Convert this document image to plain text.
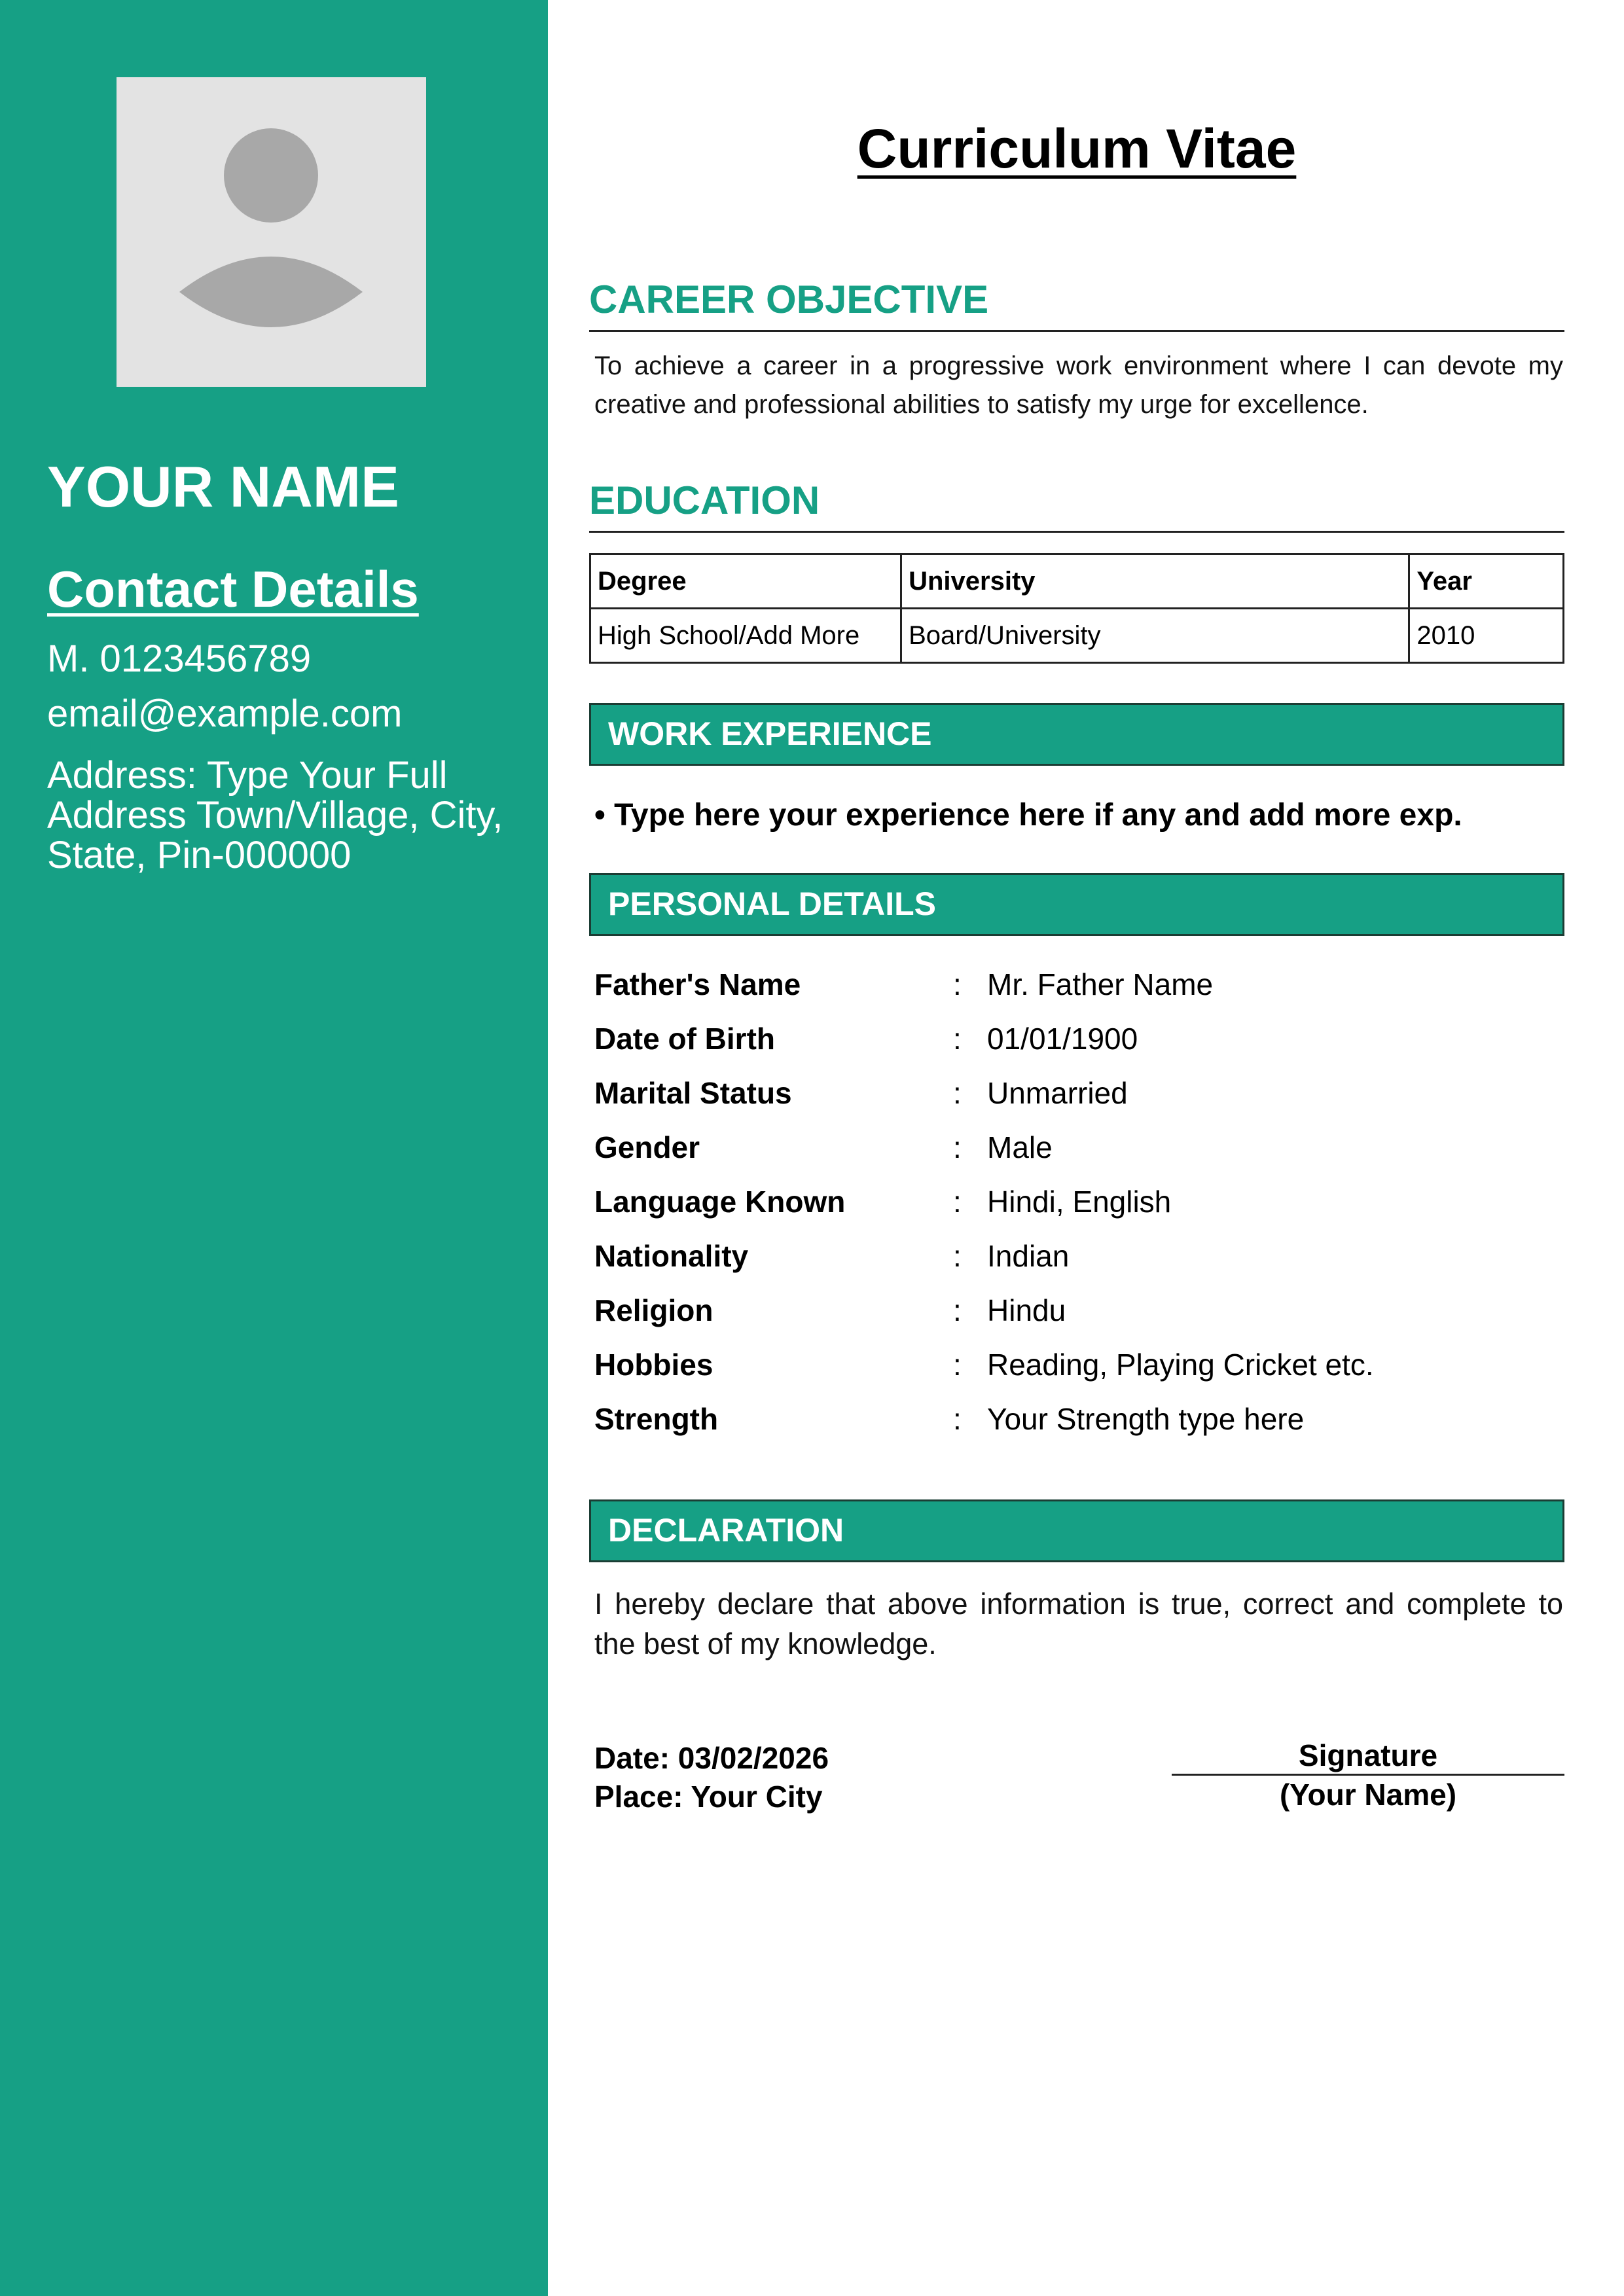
YOUR NAME
Contact Details
M. 0123456789
email@example.com
Address: Type Your Full Address Town/Village, City, State, Pin-000000
Curriculum Vitae
CAREER OBJECTIVE
To achieve a career in a progressive work environment where I can devote my creative and professional abilities to satisfy my urge for excellence.
EDUCATION
Degree	University	Year
High School/Add More	Board/University	2010
WORK EXPERIENCE
• Type here your experience here if any and add more exp.
PERSONAL DETAILS
Father's Name	: Mr. Father Name
Date of Birth	: 01/01/1900
Marital Status	: Unmarried
Gender	: Male
Language Known	: Hindi, English
Nationality	: Indian
Religion	: Hindu
Hobbies	: Reading, Playing Cricket etc.
Strength	: Your Strength type here
DECLARATION
I hereby declare that above information is true, correct and complete to the best of my knowledge.
Date: 03/02/2026
Place: Your City
Signature
(Your Name)
